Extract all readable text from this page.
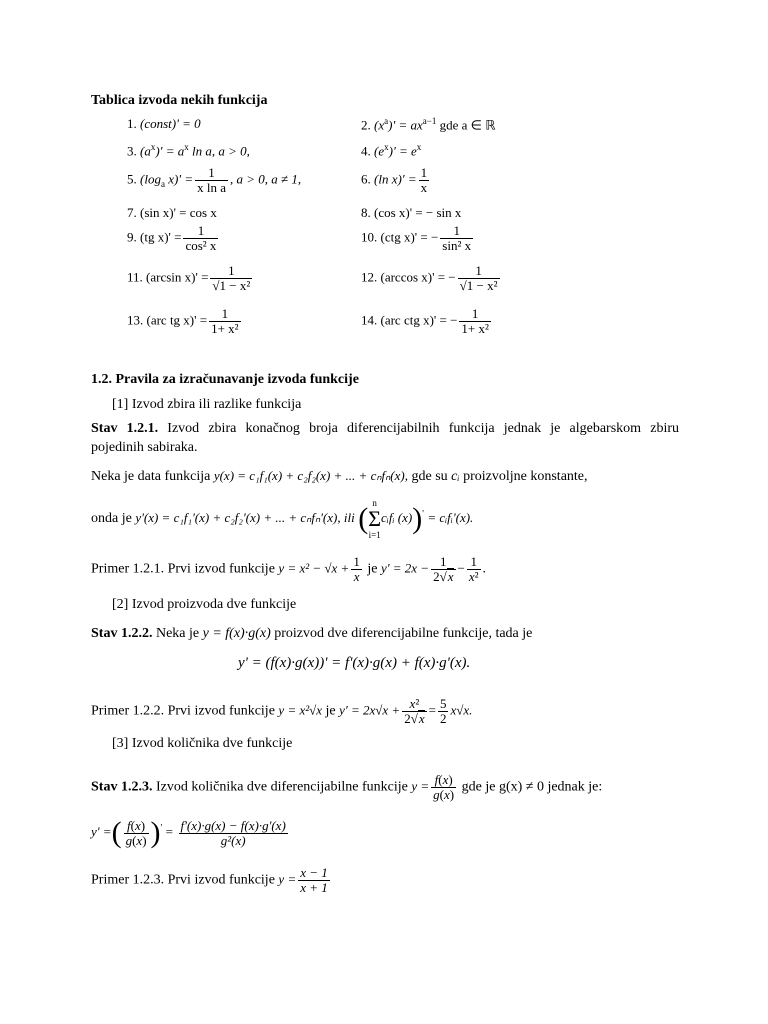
Tablica izvoda nekih funkcija
1. (const)' = 0	2. $(x^a)' = ax^{a-1}$ gde a ∈ ℝ
3. $(a^x)' = a^x$ ln a, a > 0,	4. $(e^x)' = e^x$
5. ($\log_a$ $x)' = \frac{1}{\text{x ln a}}$ , a > 0, a ≠ 1,	6. (ln $x)' = \frac{1}{x}$
7. (sin x)' = cos x	8. (cos x)' = − sin x
9. (tg $x)' = \frac{1}{\text{cos² x}}$	10. (ctg x)' = − $\frac{1}{\text{sin² x}}$
11. (arcsin $x)' = \frac{1}{\text{√1 − x²}}$	12. (arccos x)' = − $\frac{1}{\text{√1 − x²}}$
13. (arc tg $x)' = \frac{1}{\text{1+ x²}}$	14. (arc ctg x)' = − $\frac{1}{\text{1+ x²}}$
1.2. Pravila za izračunavanje izvoda funkcije
[1] Izvod zbira ili razlike funkcija
Stav 1.2.1. Izvod zbira konačnog broja diferencijabilnih funkcija jednak je algebarskom zbiru
pojedinih sabiraka.
Neka je data funkcija y(x) = c₁f₁(x) + c₂f₂(x) + ... + cₙfₙ(x), gde su cᵢ proizvoljne konstante,
onda je y'(x) = c₁f₁'(x) + c₂f₂'(x) + ... + cₙfₙ'(x), ili ( n
Σ
i=1cᵢfᵢ (x))' = cᵢfᵢ'(x).
Primer 1.2.1. Prvi izvod funkcije $y = x^2 - √x + \frac{1}{x}$ je $y' = 2x - \frac{1}{2√x} - \frac{1}{\text{x²}}$ .
[2] Izvod proizvoda dve funkcije
Stav 1.2.2. Neka je y = f(x)·g(x) proizvod dve diferencijabilne funkcije, tada je
y' = (f(x)·g(x))' = f'(x)·g(x) + f(x)·g'(x).
Primer 1.2.2. Prvi izvod funkcije y = x²√x je $y' = 2x√x + \frac{\text{x²}}{2√x} = \frac{5}{2} x√x$.
[3] Izvod količnika dve funkcije
Stav 1.2.3. Izvod količnika dve diferencijabilne funkcije $y = \frac{f(x)}{g(x)}$ gde je g(x) ≠ 0 jednak je:
y' =( $\frac{f(x)}{g(x)} )' = \frac{f'(x)\cdot g(x) - f(x)\cdot g'(x)}{\text{g²(x)}}$
Primer 1.2.3. Prvi izvod funkcije $y = \frac{x - 1}{x + 1}$
